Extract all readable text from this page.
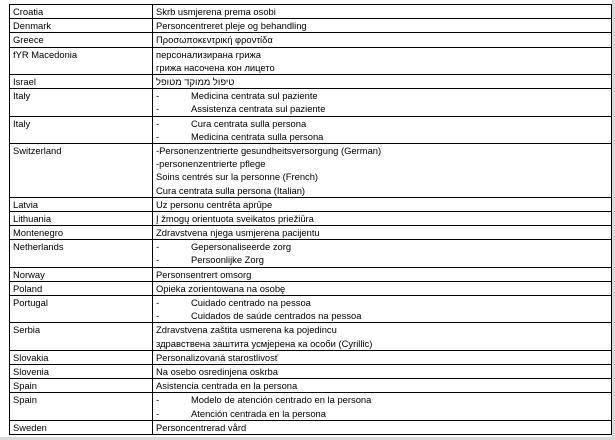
Croatia	Skrb usmjerena prema osobi

Denmark	Personcentreret pleje og behandling

Greece	Προσωποκεντρική φροντίδα

fYR Macedonia	персонализирана грижа
грижа насочена кон лицето

Israel	טיפול ממוקד מטופל

Italy	- Medicina centrata sul paziente
- Assistenza centrata sul paziente

Italy	- Cura centrata sulla persona
- Medicina centrata sulla persona

Switzerland	-Personenzentrierte gesundheitsversorgung (German)
-personenzentrierte pflege
Soins centrés sur la personne (French)
Cura centrata sulla persona (Italian)

Latvia	Uz personu centrēta aprūpe

Lithuania	Į žmogų orientuota sveikatos priežiūra

Montenegro	Zdravstvena njega usmjerena pacijentu

Netherlands	- Gepersonaliseerde zorg
- Persoonlijke Zorg

Norway	Personsentrert omsorg

Poland	Opieka zorientowana na osobę

Portugal	- Cuidado centrado na pessoa
- Cuidados de saúde centrados na pessoa

Serbia	Zdravstvena zaštita usmerena ka pojedincu
здравствена заштита усмјерена ка особи (Cyrillic)

Slovakia	Personalizovaná starostlivosť

Slovenia	Na osebo osredinjena oskrba

Spain	Asistencia centrada en la persona

Spain	- Modelo de atención centrado en la persona
- Atención centrada en la persona

Sweden	Personcentrerad vård
